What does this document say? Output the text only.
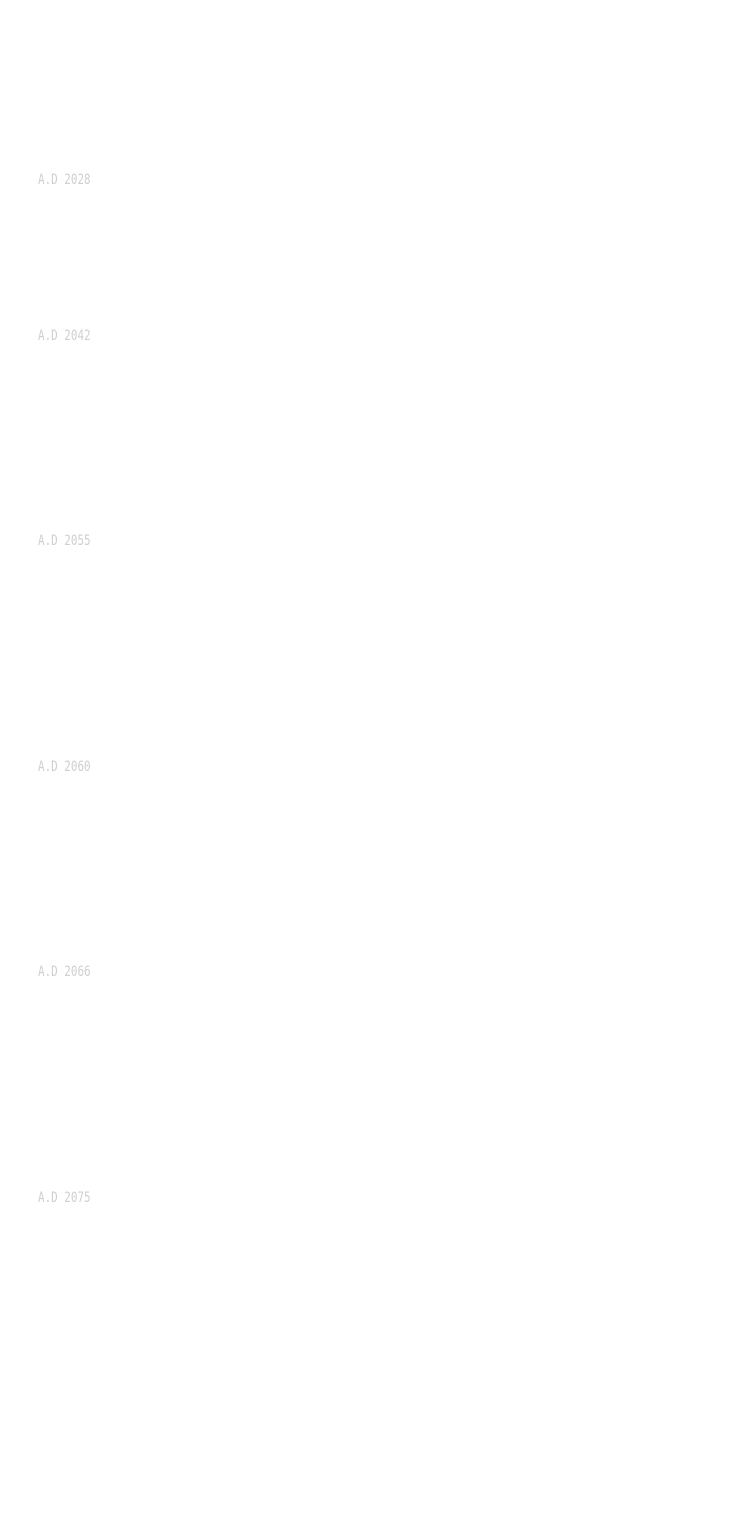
A.D 2028
A.D 2042
A.D 2055
A.D 2060
A.D 2066
A.D 2075
